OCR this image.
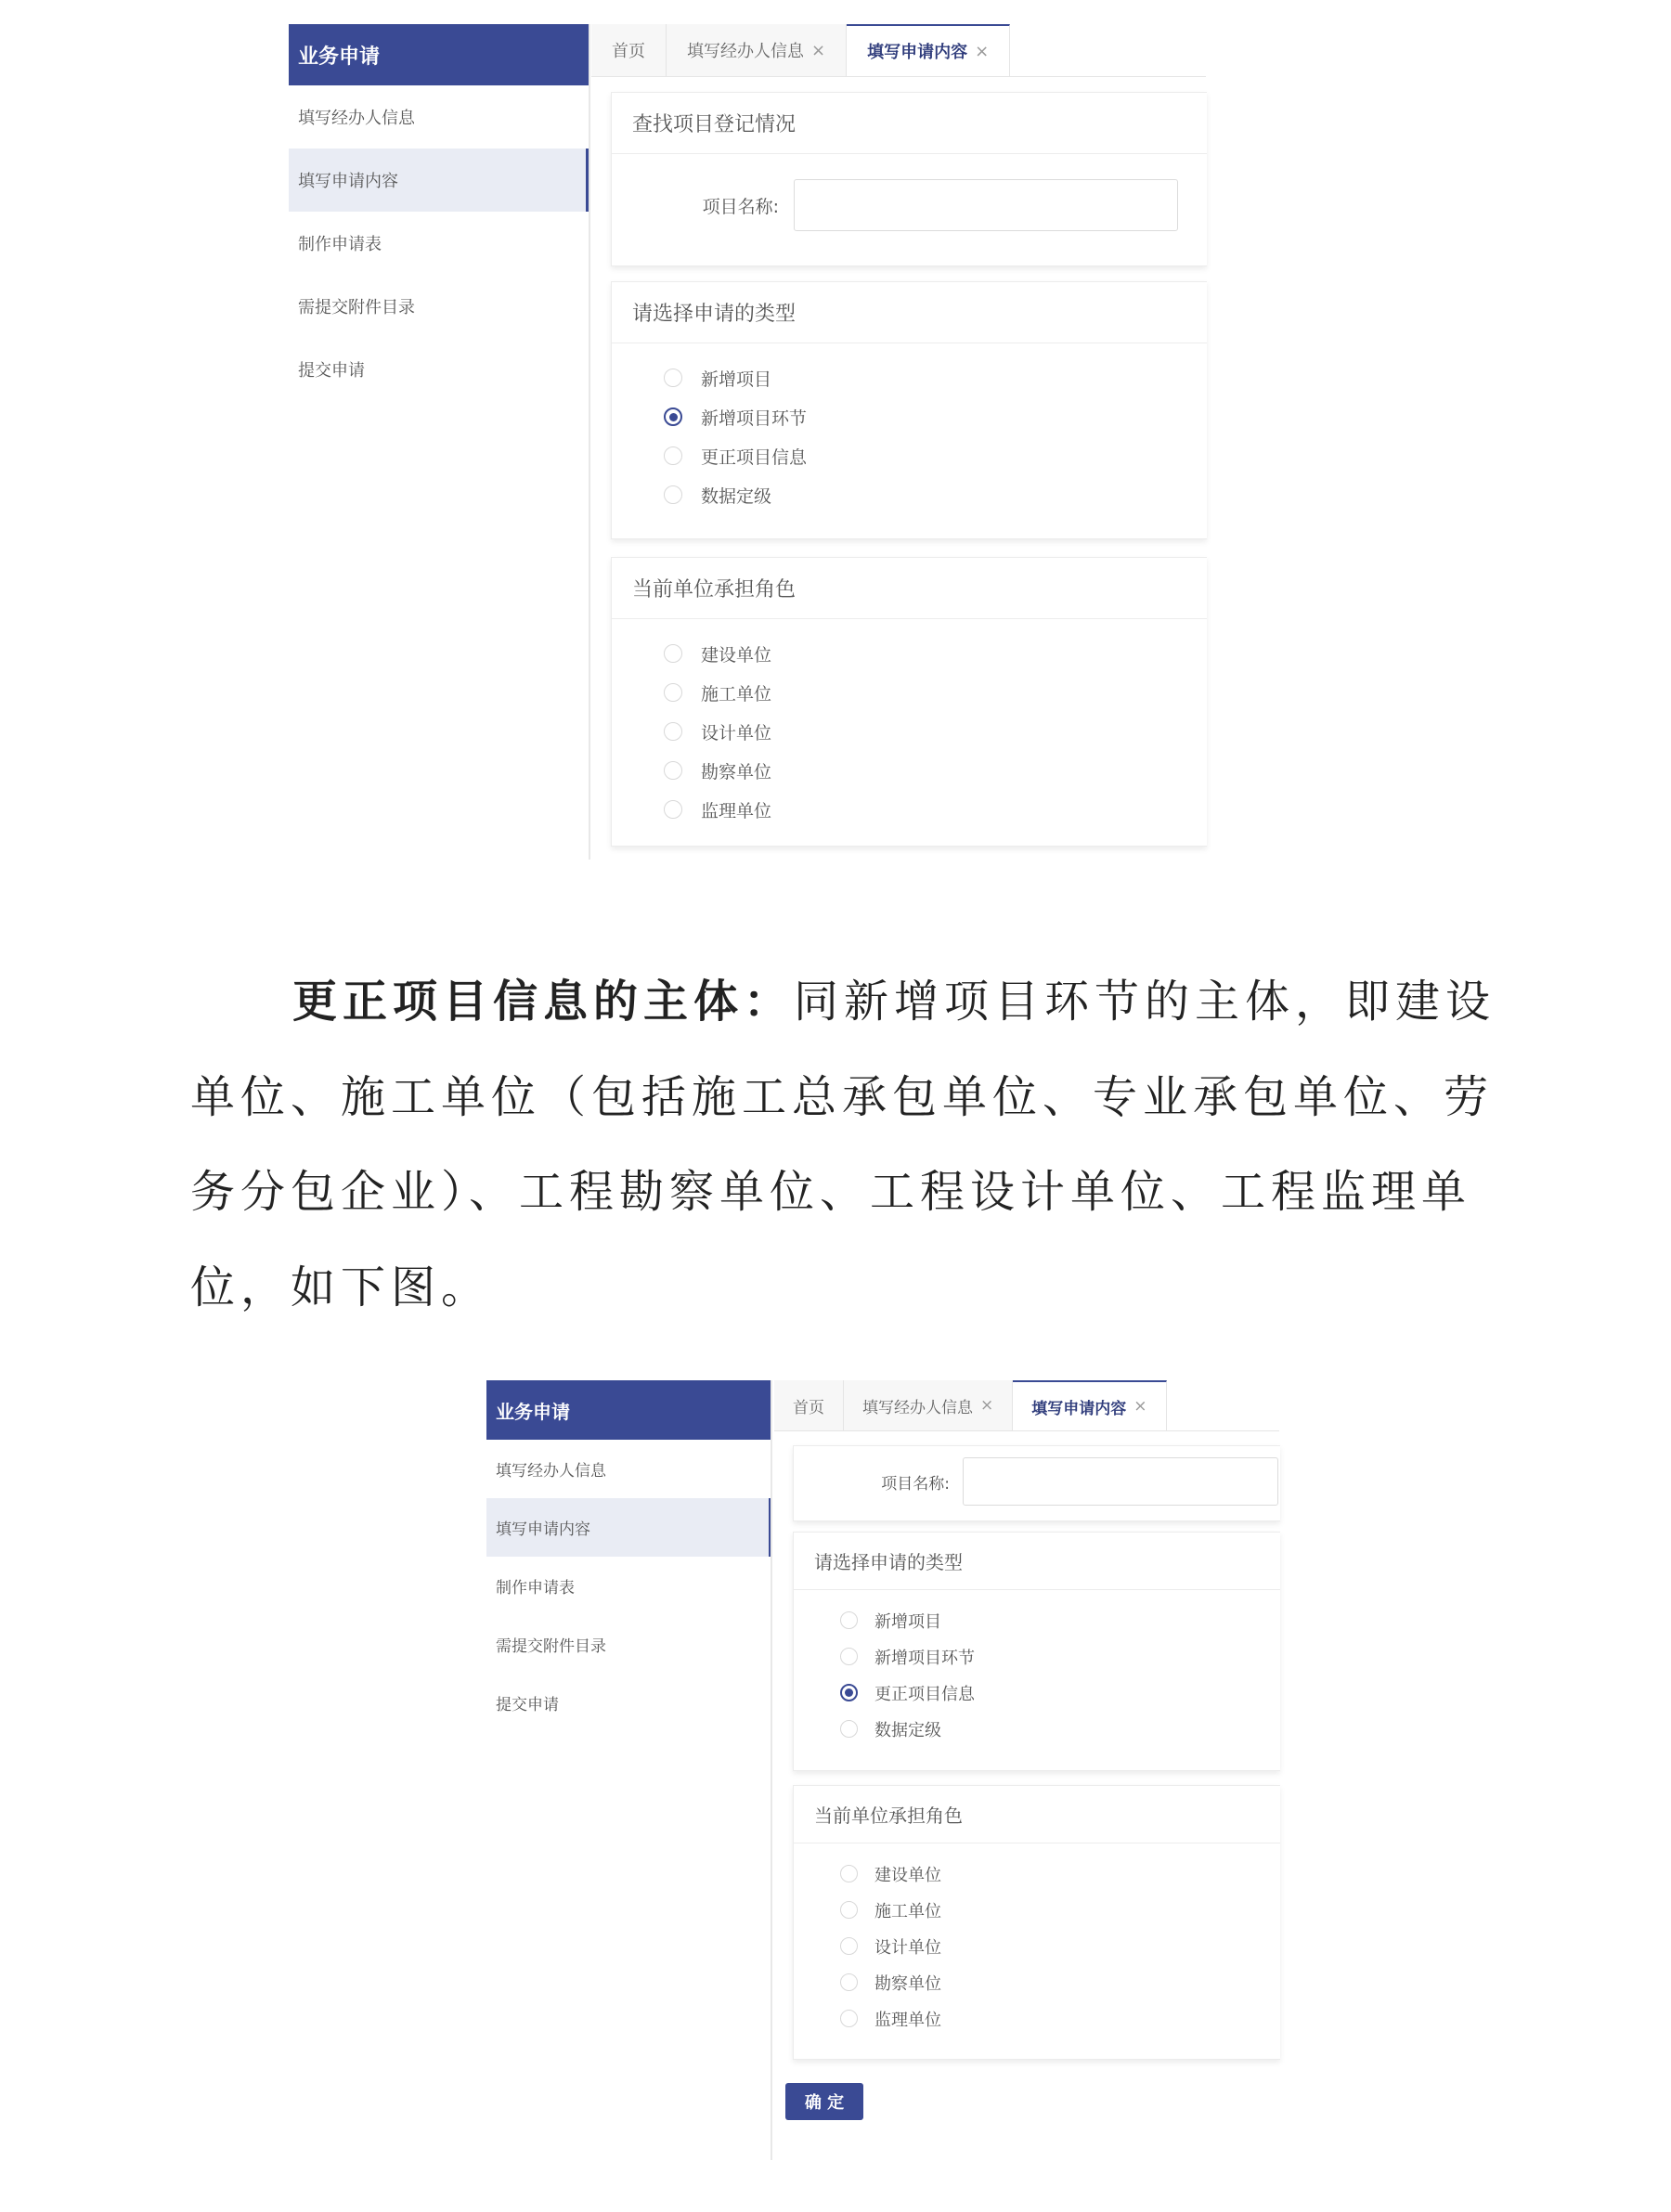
业务申请
填写经办人信息
填写申请内容
制作申请表
需提交附件目录
提交申请
首页	填写经办人信息 ×	填写申请内容 ×
查找项目登记情况
项目名称:
请选择申请的类型
新增项目
新增项目环节
更正项目信息
数据定级
当前单位承担角色
建设单位
施工单位
设计单位
勘察单位
监理单位
更正项目信息的主体：同新增项目环节的主体，即建设
单位、施工单位（包括施工总承包单位、专业承包单位、劳
务分包企业）、工程勘察单位、工程设计单位、工程监理单
位，如下图。
业务申请
填写经办人信息
填写申请内容
制作申请表
需提交附件目录
提交申请
首页 填写经办人信息 × 填写申请内容 ×
项目名称:
请选择申请的类型
新增项目
新增项目环节
更正项目信息
数据定级
当前单位承担角色
建设单位
施工单位
设计单位
勘察单位
监理单位
确 定
